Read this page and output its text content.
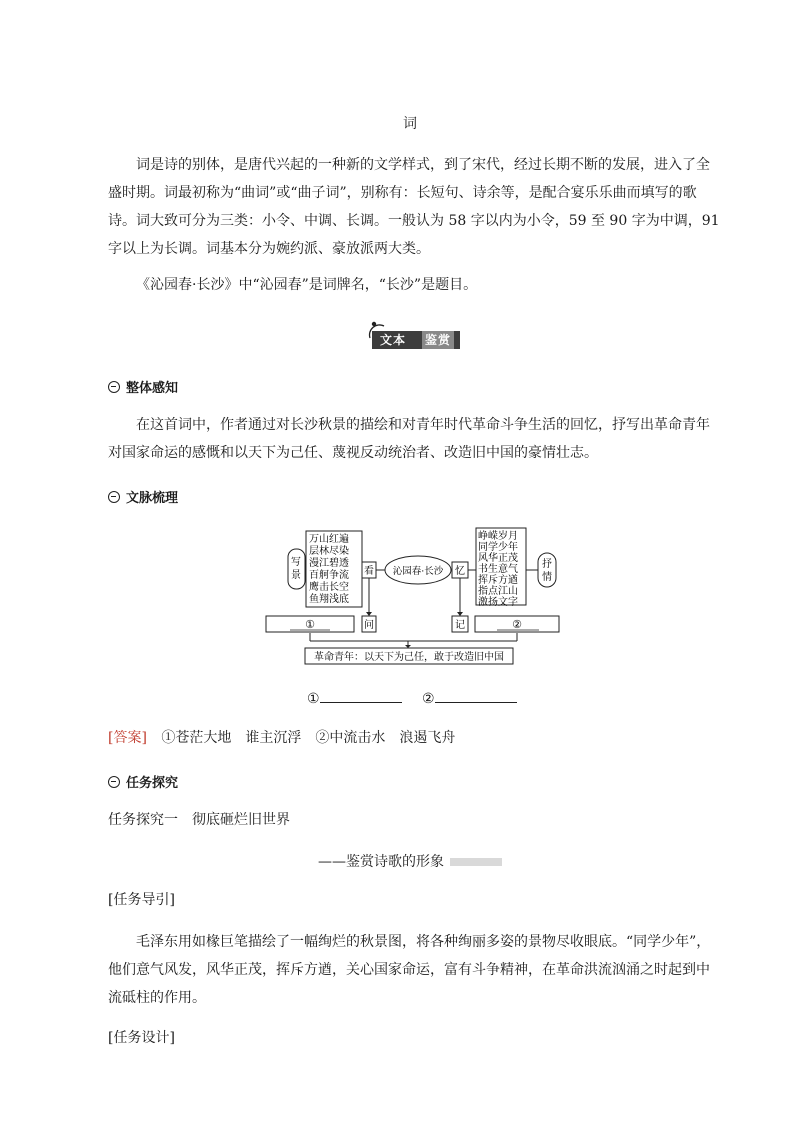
词
词是诗的别体，是唐代兴起的一种新的文学样式，到了宋代，经过长期不断的发展，进入了全盛时期。词最初称为“曲词”或“曲子词”，别称有：长短句、诗余等，是配合宴乐乐曲而填写的歌诗。词大致可分为三类：小令、中调、长调。一般认为 58 字以内为小令，59 至 90 字为中调，91 字以上为长调。词基本分为婉约派、豪放派两大类。
《沁园春·长沙》中“沁园春”是词牌名，“长沙”是题目。
文本 鉴赏
整体感知
在这首词中，作者通过对长沙秋景的描绘和对青年时代革命斗争生活的回忆，抒写出革命青年对国家命运的感慨和以天下为己任、蔑视反动统治者、改造旧中国的豪情壮志。
文脉梳理
写景
万山红遍
层林尽染
漫江碧透
百舸争流
鹰击长空
鱼翔浅底
看 沁园春·长沙 忆
峥嵘岁月
同学少年
风华正茂
书生意气
挥斥方遒
指点江山
激扬文字
抒情
①	问	记	②
革命青年：以天下为己任，敢于改造旧中国
①	②
[答案] ①苍茫大地　谁主沉浮　②中流击水　浪遏飞舟
任务探究
任务探究一　彻底砸烂旧世界
——鉴赏诗歌的形象
[任务导引]
毛泽东用如椽巨笔描绘了一幅绚烂的秋景图，将各种绚丽多姿的景物尽收眼底。“同学少年”，他们意气风发，风华正茂，挥斥方遒，关心国家命运，富有斗争精神，在革命洪流汹涌之时起到中流砥柱的作用。
[任务设计]
